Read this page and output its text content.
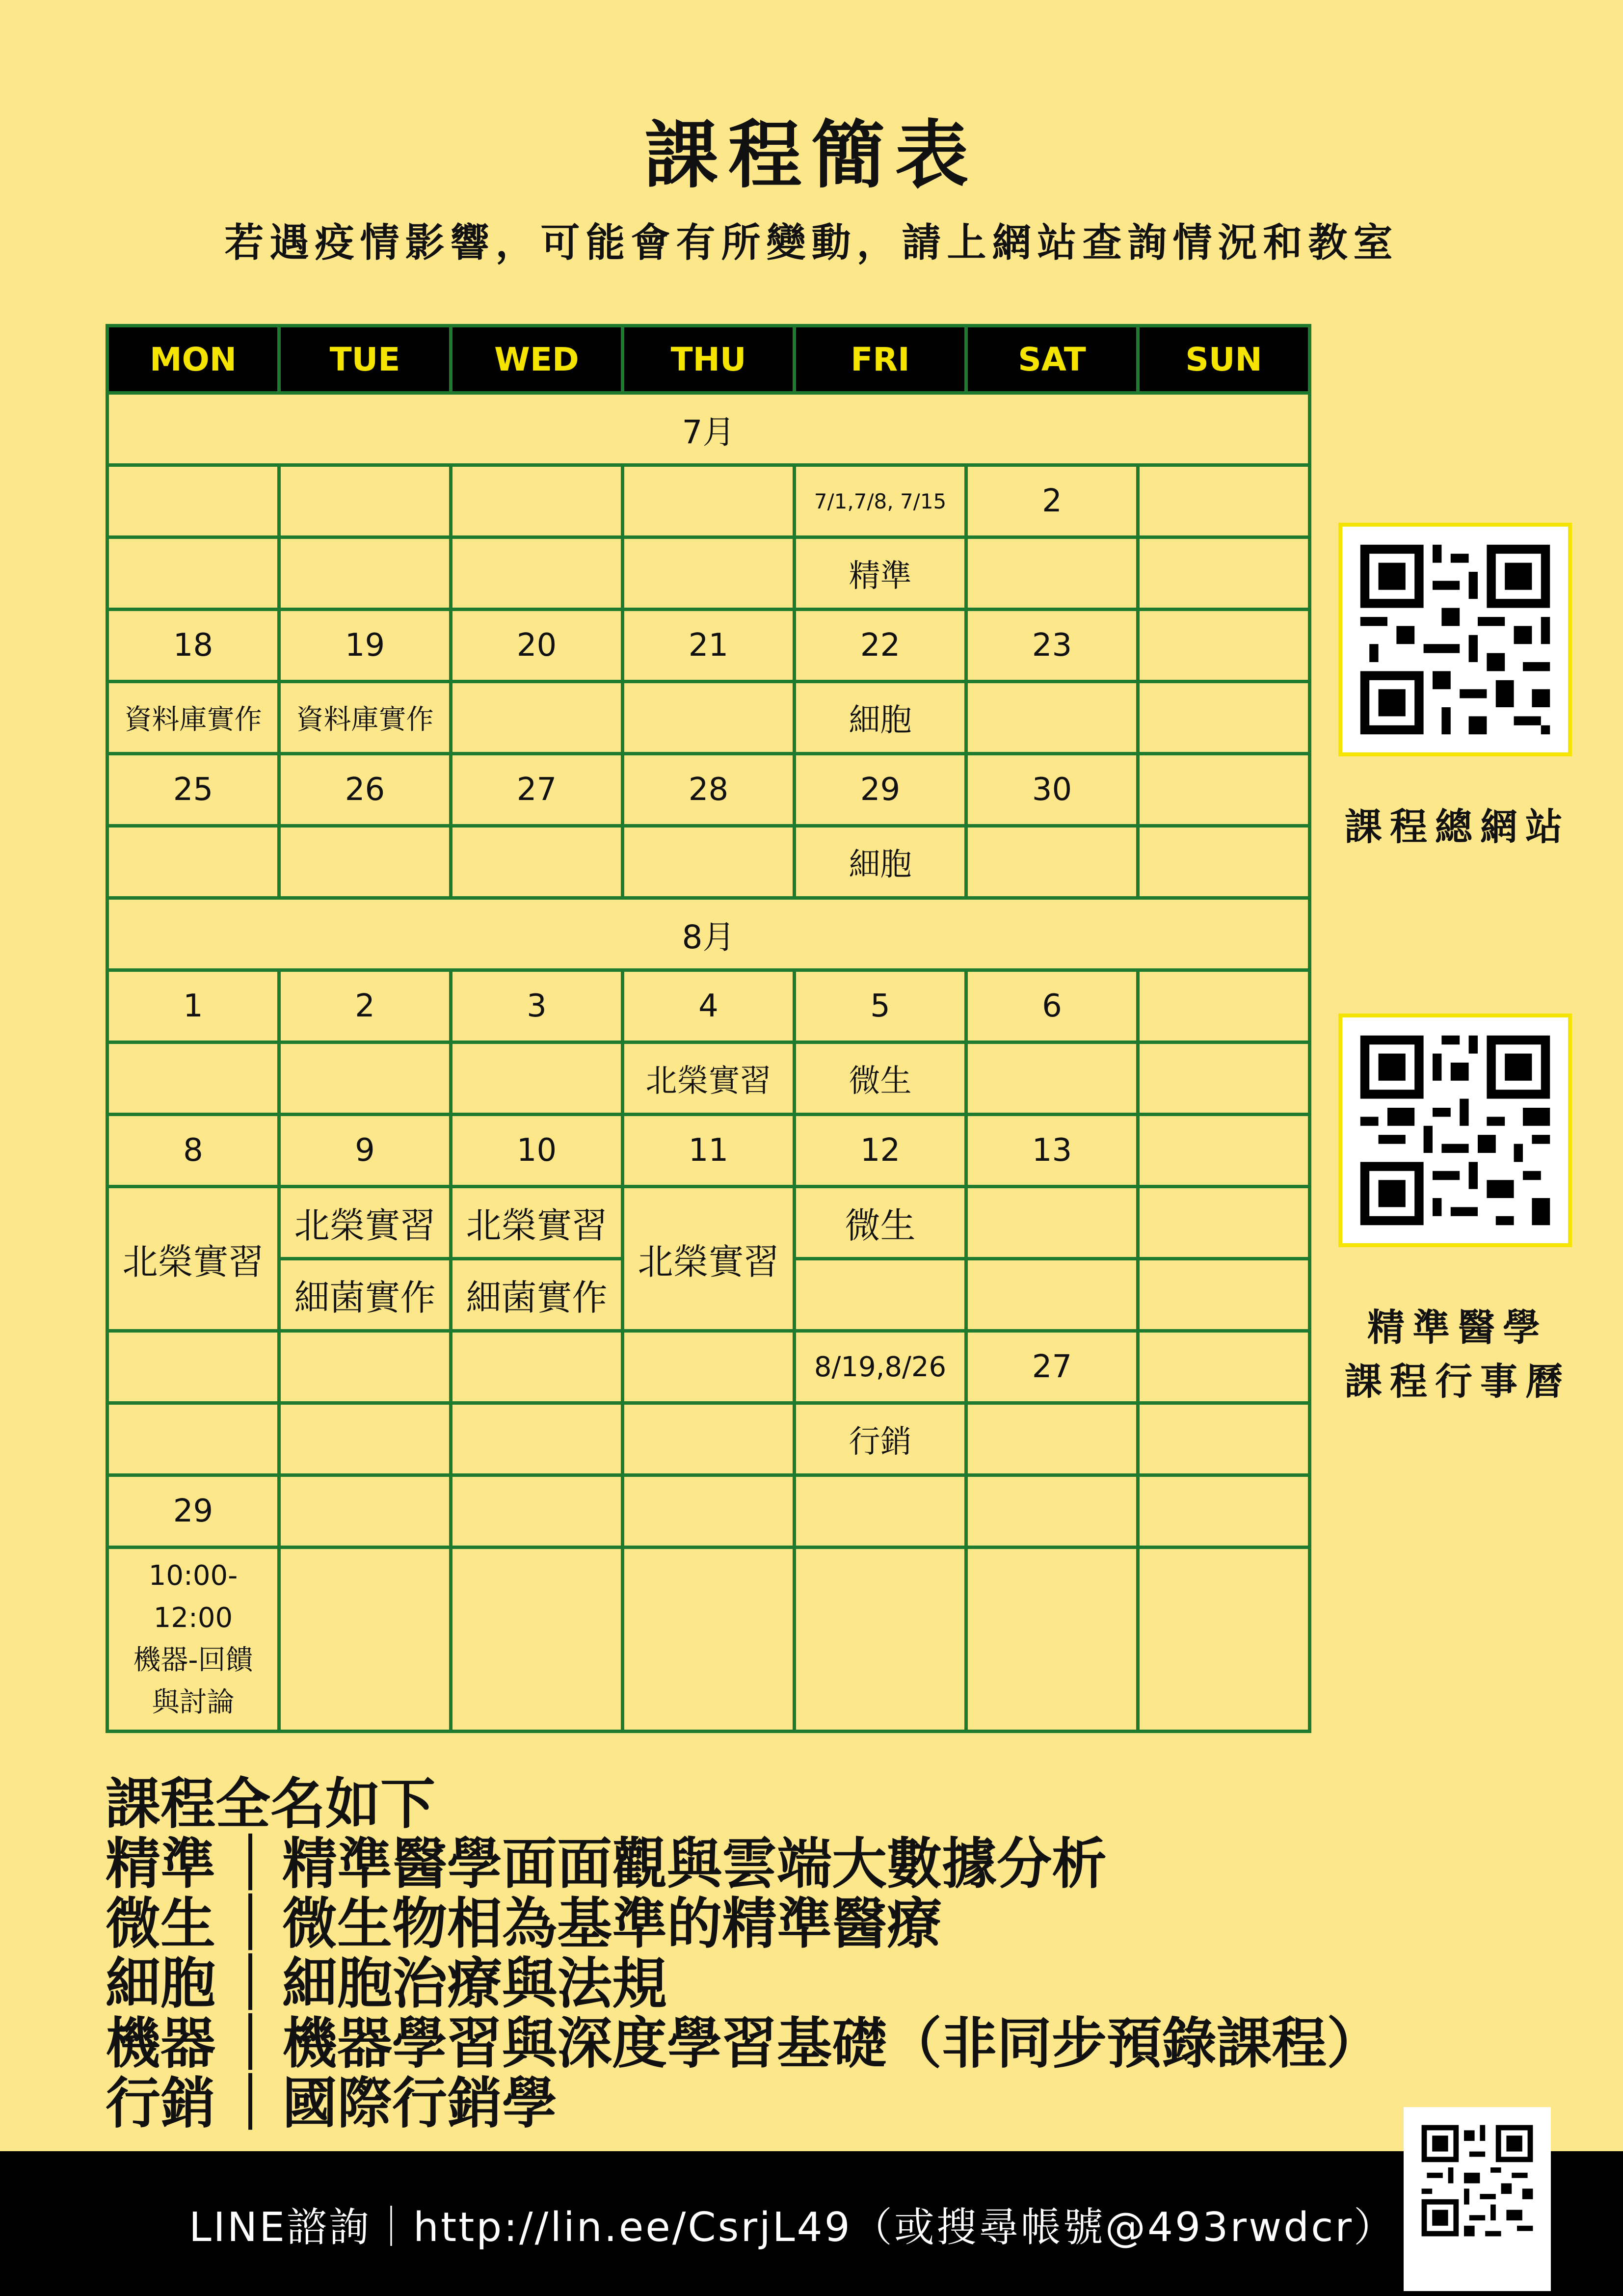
課程簡表
若遇疫情影響，可能會有所變動，請上網站查詢情況和教室
MON	TUE	WED	THU	FRI	SAT	SUN
7月						
				7/1,7/8, 7/15	2	
				精準		
18	19	20	21	22	23	
資料庫實作	資料庫實作			細胞		
25	26	27	28	29	30	
				細胞		
8月						
1	2	3	4	5	6	
			北榮實習	微生		
8	9	10	11	12	13	
北榮實習	北榮實習	北榮實習	北榮實習	微生		
	細菌實作	細菌實作				
				8/19,8/26	27	
				行銷		
29						

10:00-
12:00
機器-回饋
與討論						

課程總網站
精準醫學
課程行事曆
課程全名如下
精準 ｜ 精準醫學面面觀與雲端大數據分析
微生 ｜ 微生物相為基準的精準醫療
細胞 ｜ 細胞治療與法規
機器 ｜ 機器學習與深度學習基礎（非同步預錄課程）
行銷 ｜ 國際行銷學
LINE諮詢｜http://lin.ee/CsrjL49（或搜尋帳號@493rwdcr）
